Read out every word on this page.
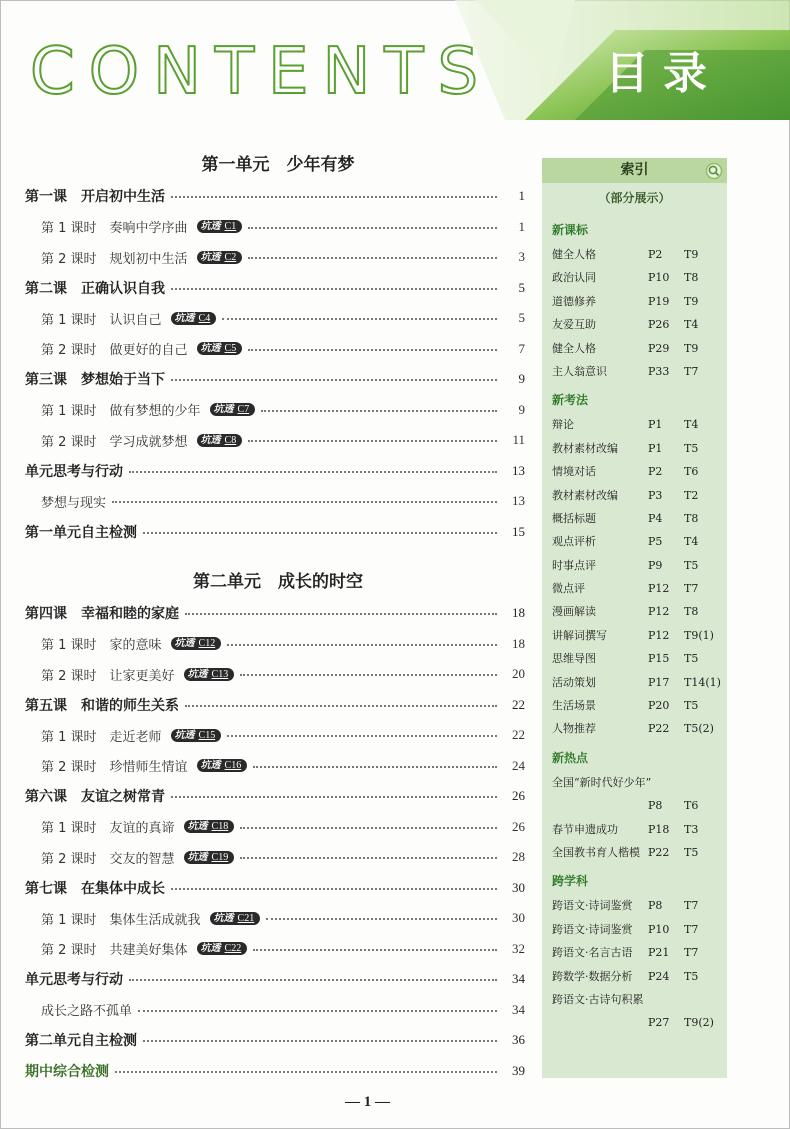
CONTENTS	目录
第一单元　少年有梦
第一课　开启初中生活	1
第 1 课时　奏响中学序曲	坑透 C1	1
第 2 课时　规划初中生活	坑透 C2	3
第二课　正确认识自我	5
第 1 课时　认识自己	坑透 C4	5
第 2 课时　做更好的自己	坑透 C5	7
第三课　梦想始于当下	9
第 1 课时　做有梦想的少年	坑透 C7	9
第 2 课时　学习成就梦想	坑透 C8	11
单元思考与行动	13
梦想与现实	13
第一单元自主检测	15
第二单元　成长的时空
第四课　幸福和睦的家庭	18
第 1 课时　家的意味	坑透 C12	18
第 2 课时　让家更美好	坑透 C13	20
第五课　和谐的师生关系	22
第 1 课时　走近老师	坑透 C15	22
第 2 课时　珍惜师生情谊	坑透 C16	24
第六课　友谊之树常青	26
第 1 课时　友谊的真谛	坑透 C18	26
第 2 课时　交友的智慧	坑透 C19	28
第七课　在集体中成长	30
第 1 课时　集体生活成就我	坑透 C21	30
第 2 课时　共建美好集体	坑透 C22	32
单元思考与行动	34
成长之路不孤单	34
第二单元自主检测	36
期中综合检测	39
索引
（部分展示）
新课标
健全人格	P2	T9
政治认同	P10	T8
道德修养	P19	T9
友爱互助	P26	T4
健全人格	P29	T9
主人翁意识	P33	T7
新考法
辩论	P1	T4
教材素材改编	P1	T5
情境对话	P2	T6
教材素材改编	P3	T2
概括标题	P4	T8
观点评析	P5	T4
时事点评	P9	T5
微点评	P12	T7
漫画解读	P12	T8
讲解词撰写	P12	T9(1)
思维导图	P15	T5
活动策划	P17	T14(1)
生活场景	P20	T5
人物推荐	P22	T5(2)
新热点
全国“新时代好少年”
P8	T6
春节申遗成功	P18	T3
全国教书育人楷模 P22	T5
跨学科
跨语文·诗词鉴赏	P8	T7
跨语文·诗词鉴赏	P10	T7
跨语文·名言古语	P21	T7
跨数学·数据分析	P24	T5
跨语文·古诗句积累
P27	T9(2)
— 1 —
